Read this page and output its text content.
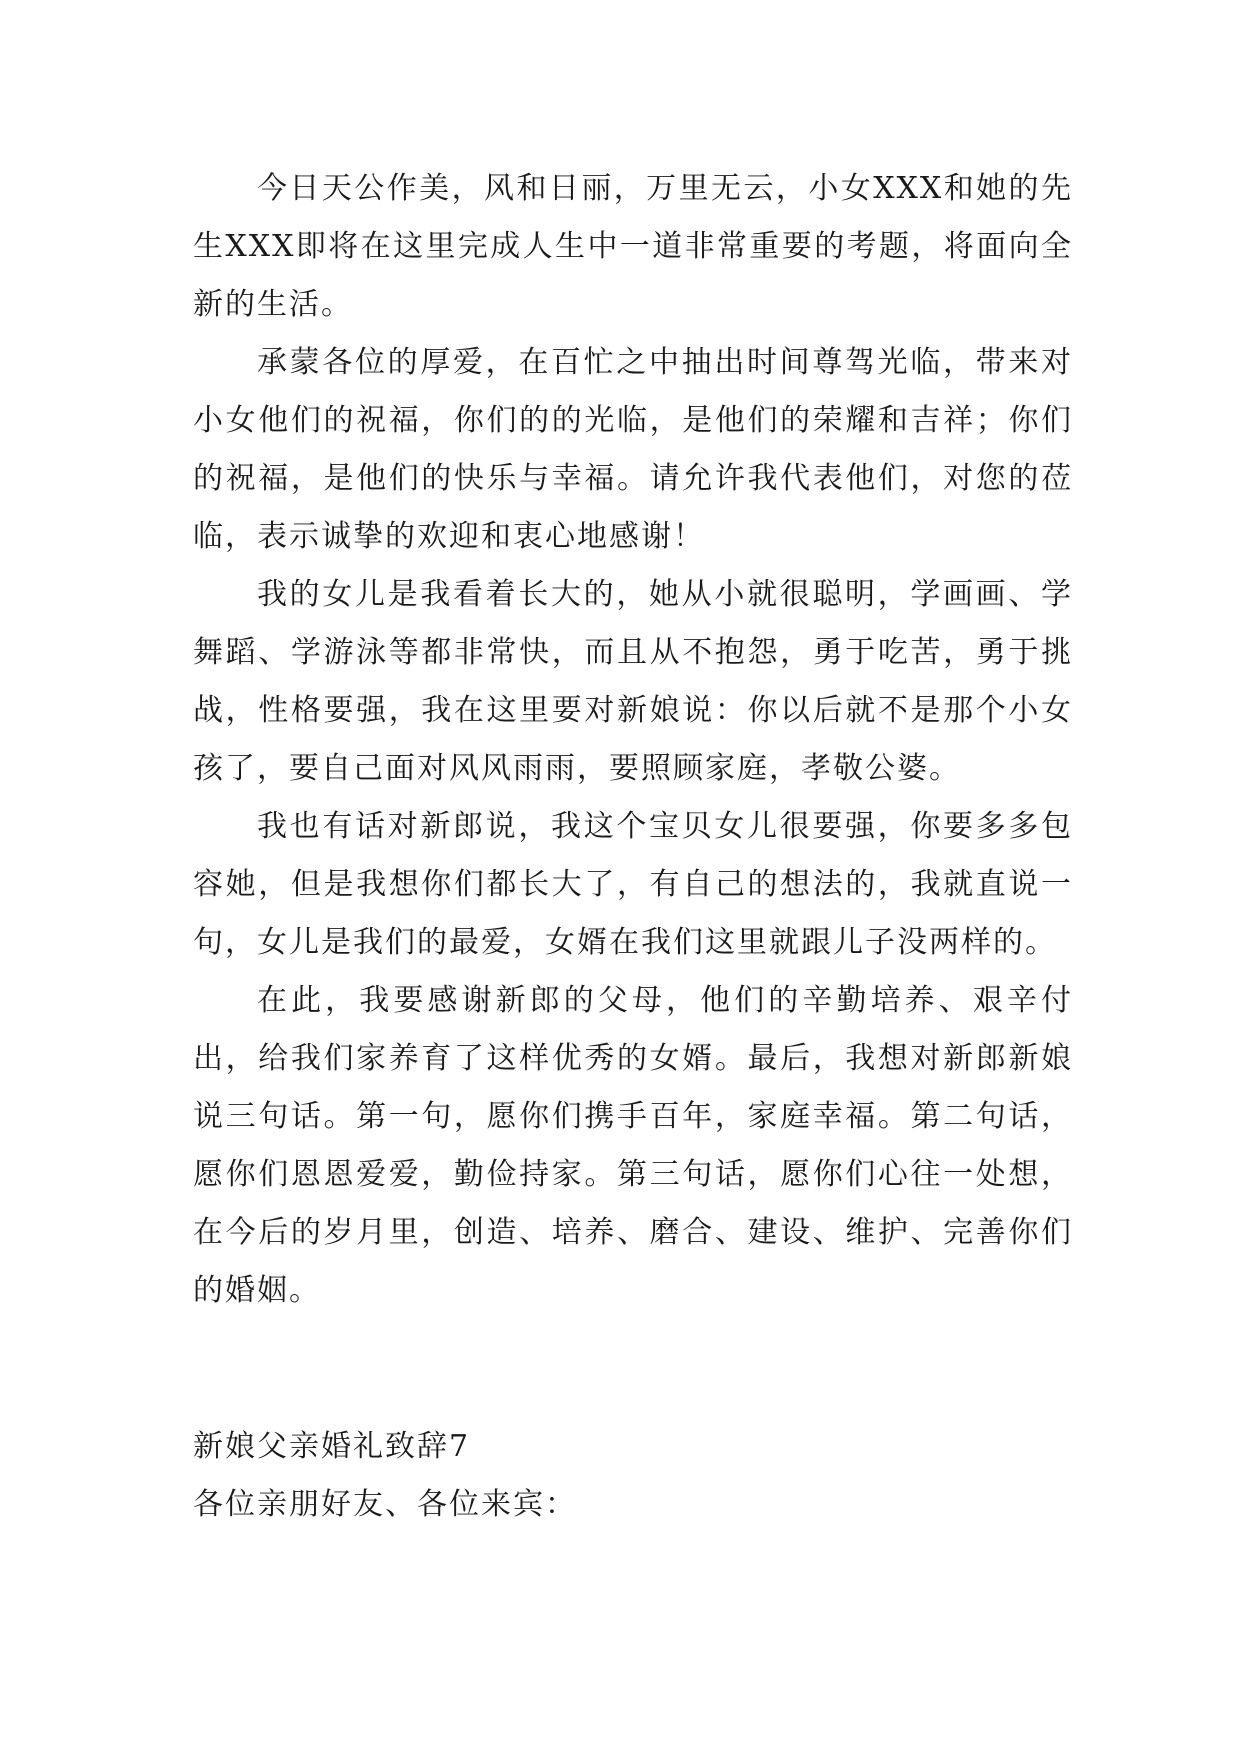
今日天公作美，风和日丽，万里无云，小女XXX和她的先生XXX即将在这里完成人生中一道非常重要的考题，将面向全新的生活。

承蒙各位的厚爱，在百忙之中抽出时间尊驾光临，带来对小女他们的祝福，你们的的光临，是他们的荣耀和吉祥；你们的祝福，是他们的快乐与幸福。请允许我代表他们，对您的莅临，表示诚挚的欢迎和衷心地感谢！

我的女儿是我看着长大的，她从小就很聪明，学画画、学舞蹈、学游泳等都非常快，而且从不抱怨，勇于吃苦，勇于挑战，性格要强，我在这里要对新娘说：你以后就不是那个小女孩了，要自己面对风风雨雨，要照顾家庭，孝敬公婆。

我也有话对新郎说，我这个宝贝女儿很要强，你要多多包容她，但是我想你们都长大了，有自己的想法的，我就直说一句，女儿是我们的最爱，女婿在我们这里就跟儿子没两样的。

在此，我要感谢新郎的父母，他们的辛勤培养、艰辛付出，给我们家养育了这样优秀的女婿。最后，我想对新郎新娘说三句话。第一句，愿你们携手百年，家庭幸福。第二句话，愿你们恩恩爱爱，勤俭持家。第三句话，愿你们心往一处想，在今后的岁月里，创造、培养、磨合、建设、维护、完善你们的婚姻。

新娘父亲婚礼致辞7

各位亲朋好友、各位来宾：
